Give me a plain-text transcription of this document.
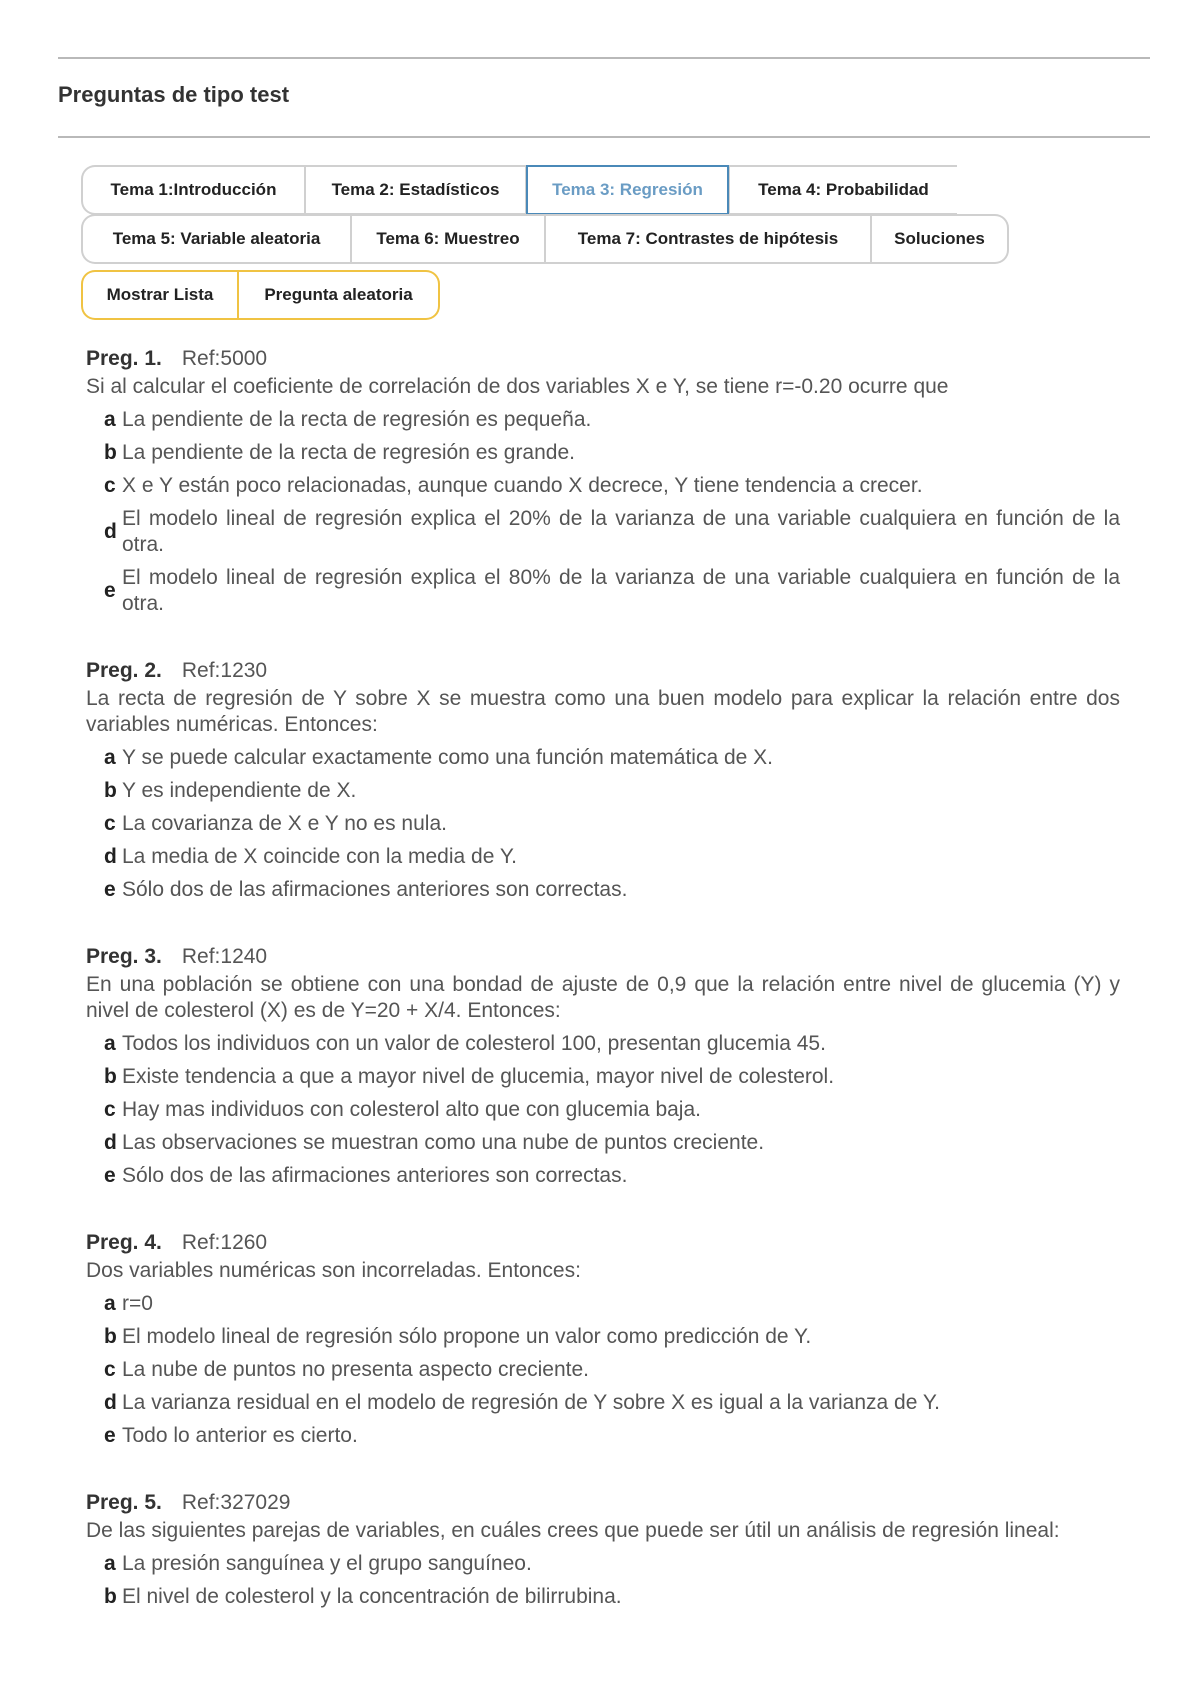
Preguntas de tipo test
Tema 1:Introducción	Tema 2: Estadísticos	Tema 3: Regresión	Tema 4: Probabilidad
Tema 5: Variable aleatoria	Tema 6: Muestreo	Tema 7: Contrastes de hipótesis	Soluciones
Mostrar Lista	Pregunta aleatoria
Preg. 1. Ref:5000
Si al calcular el coeficiente de correlación de dos variables X e Y, se tiene r=-0.20 ocurre que
a La pendiente de la recta de regresión es pequeña.
b La pendiente de la recta de regresión es grande.
c X e Y están poco relacionadas, aunque cuando X decrece, Y tiene tendencia a crecer.
d
El modelo lineal de regresión explica el 20% de la varianza de una variable cualquiera en función de la otra.
e
El modelo lineal de regresión explica el 80% de la varianza de una variable cualquiera en función de la otra.
Preg. 2. Ref:1230
La recta de regresión de Y sobre X se muestra como una buen modelo para explicar la relación entre dos variables numéricas. Entonces:
a Y se puede calcular exactamente como una función matemática de X.
b Y es independiente de X.
c La covarianza de X e Y no es nula.
d La media de X coincide con la media de Y.
e Sólo dos de las afirmaciones anteriores son correctas.
Preg. 3. Ref:1240
En una población se obtiene con una bondad de ajuste de 0,9 que la relación entre nivel de glucemia (Y) y nivel de colesterol (X) es de Y=20 + X/4. Entonces:
a Todos los individuos con un valor de colesterol 100, presentan glucemia 45.
b Existe tendencia a que a mayor nivel de glucemia, mayor nivel de colesterol.
c Hay mas individuos con colesterol alto que con glucemia baja.
d Las observaciones se muestran como una nube de puntos creciente.
e Sólo dos de las afirmaciones anteriores son correctas.
Preg. 4. Ref:1260
Dos variables numéricas son incorreladas. Entonces:
a r=0
b El modelo lineal de regresión sólo propone un valor como predicción de Y.
c La nube de puntos no presenta aspecto creciente.
d La varianza residual en el modelo de regresión de Y sobre X es igual a la varianza de Y.
e Todo lo anterior es cierto.
Preg. 5. Ref:327029
De las siguientes parejas de variables, en cuáles crees que puede ser útil un análisis de regresión lineal:
a La presión sanguínea y el grupo sanguíneo.
b El nivel de colesterol y la concentración de bilirrubina.
